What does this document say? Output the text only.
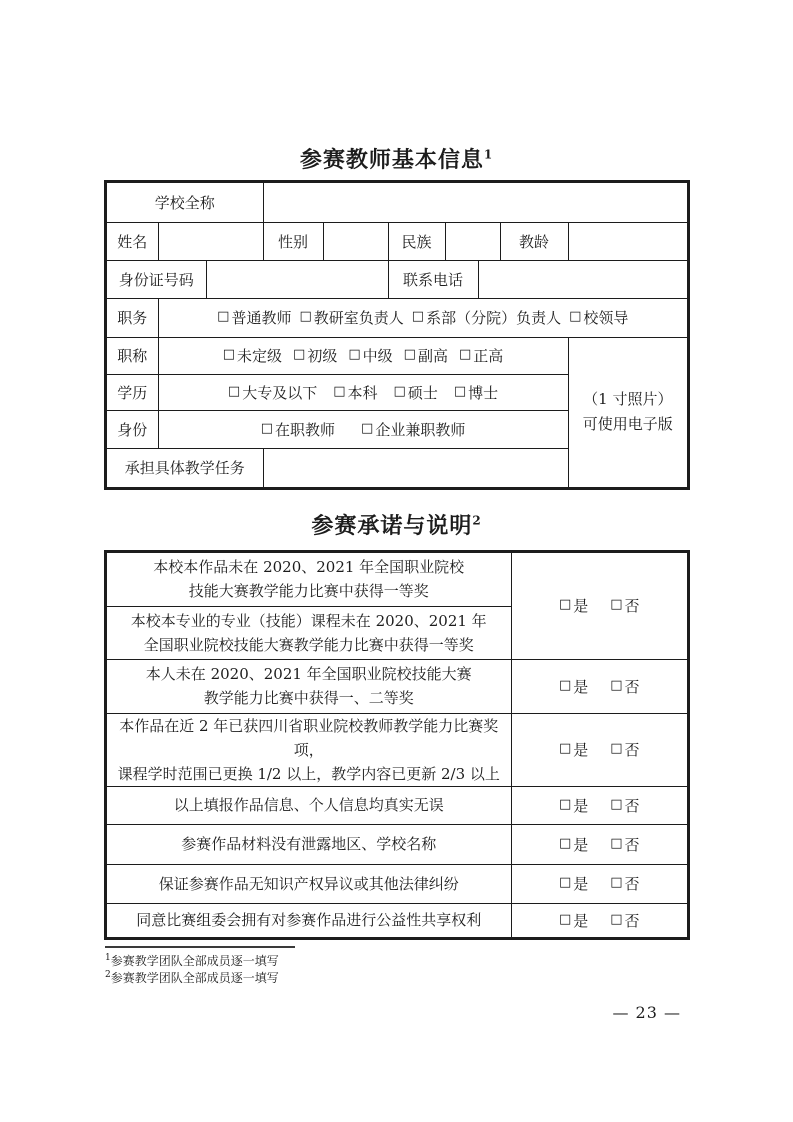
参赛教师基本信息$^1$
学校全称									
姓名			性别		民族			教龄	
身份证号码					联系电话				
职务	□ 普通教师 □ 教研室负责人 □ 系部（分院）负责人 □ 校领导

职称	□ 未定级 □ 初级 □ 中级 □ 副高 □ 正高

（1 寸照片）
可使用电子版

学历	□ 大专及以下 □ 本科 □ 硕士 □ 博士

身份	□ 在职教师 □ 企业兼职教师								

承担具体教学任务									
参赛承诺与说明$^2$
本校本作品未在 2020、2021 年全国职业院校
技能大赛教学能力比赛中获得一等奖

□ 是 □ 否

本校本专业的专业（技能）课程未在 2020、2021 年
全国职业院校技能大赛教学能力比赛中获得一等奖	

本人未在 2020、2021 年全国职业院校技能大赛
教学能力比赛中获得一、二等奖

□ 是 □ 否

本作品在近 2 年已获四川省职业院校教师教学能力比赛奖项，
课程学时范围已更换 1/2 以上，教学内容已更新 2/3 以上

□ 是 □ 否

以上填报作品信息、个人信息均真实无误	□ 是 □ 否

参赛作品材料没有泄露地区、学校名称	□ 是 □ 否

保证参赛作品无知识产权异议或其他法律纠纷	□ 是 □ 否

同意比赛组委会拥有对参赛作品进行公益性共享权利	□ 是 □ 否
$^1$参赛教学团队全部成员逐一填写
$^2$参赛教学团队全部成员逐一填写
— 23 —
